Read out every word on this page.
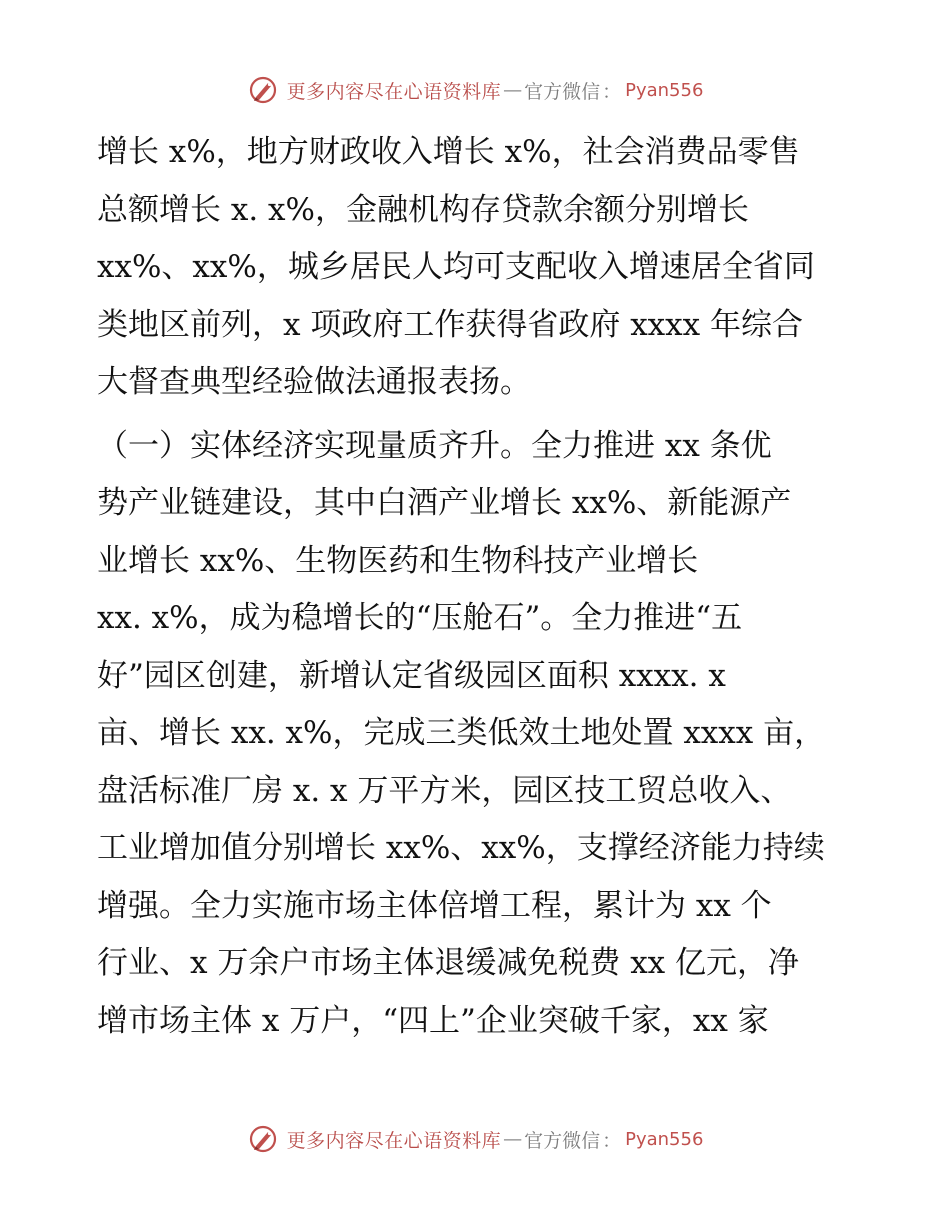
更多内容尽在心语资料库 — 官方微信 ： Pyan556
增长 x%，地方财政收入增长 x%，社会消费品零售
总额增长 x. x%，金融机构存贷款余额分别增长
xx%、xx%，城乡居民人均可支配收入增速居全省同
类地区前列，x 项政府工作获得省政府 xxxx 年综合
大督查典型经验做法通报表扬。
（一）实体经济实现量质齐升。全力推进 xx 条优
势产业链建设，其中白酒产业增长 xx%、新能源产
业增长 xx%、生物医药和生物科技产业增长
xx. x%，成为稳增长的“压舱石”。全力推进“五
好”园区创建，新增认定省级园区面积 xxxx. x
亩、增长 xx. x%，完成三类低效土地处置 xxxx 亩，
盘活标准厂房 x. x 万平方米，园区技工贸总收入、
工业增加值分别增长 xx%、xx%，支撑经济能力持续
增强。全力实施市场主体倍增工程，累计为 xx 个
行业、x 万余户市场主体退缓减免税费 xx 亿元，净
增市场主体 x 万户，“四上”企业突破千家，xx 家
更多内容尽在心语资料库 — 官方微信 ： Pyan556
